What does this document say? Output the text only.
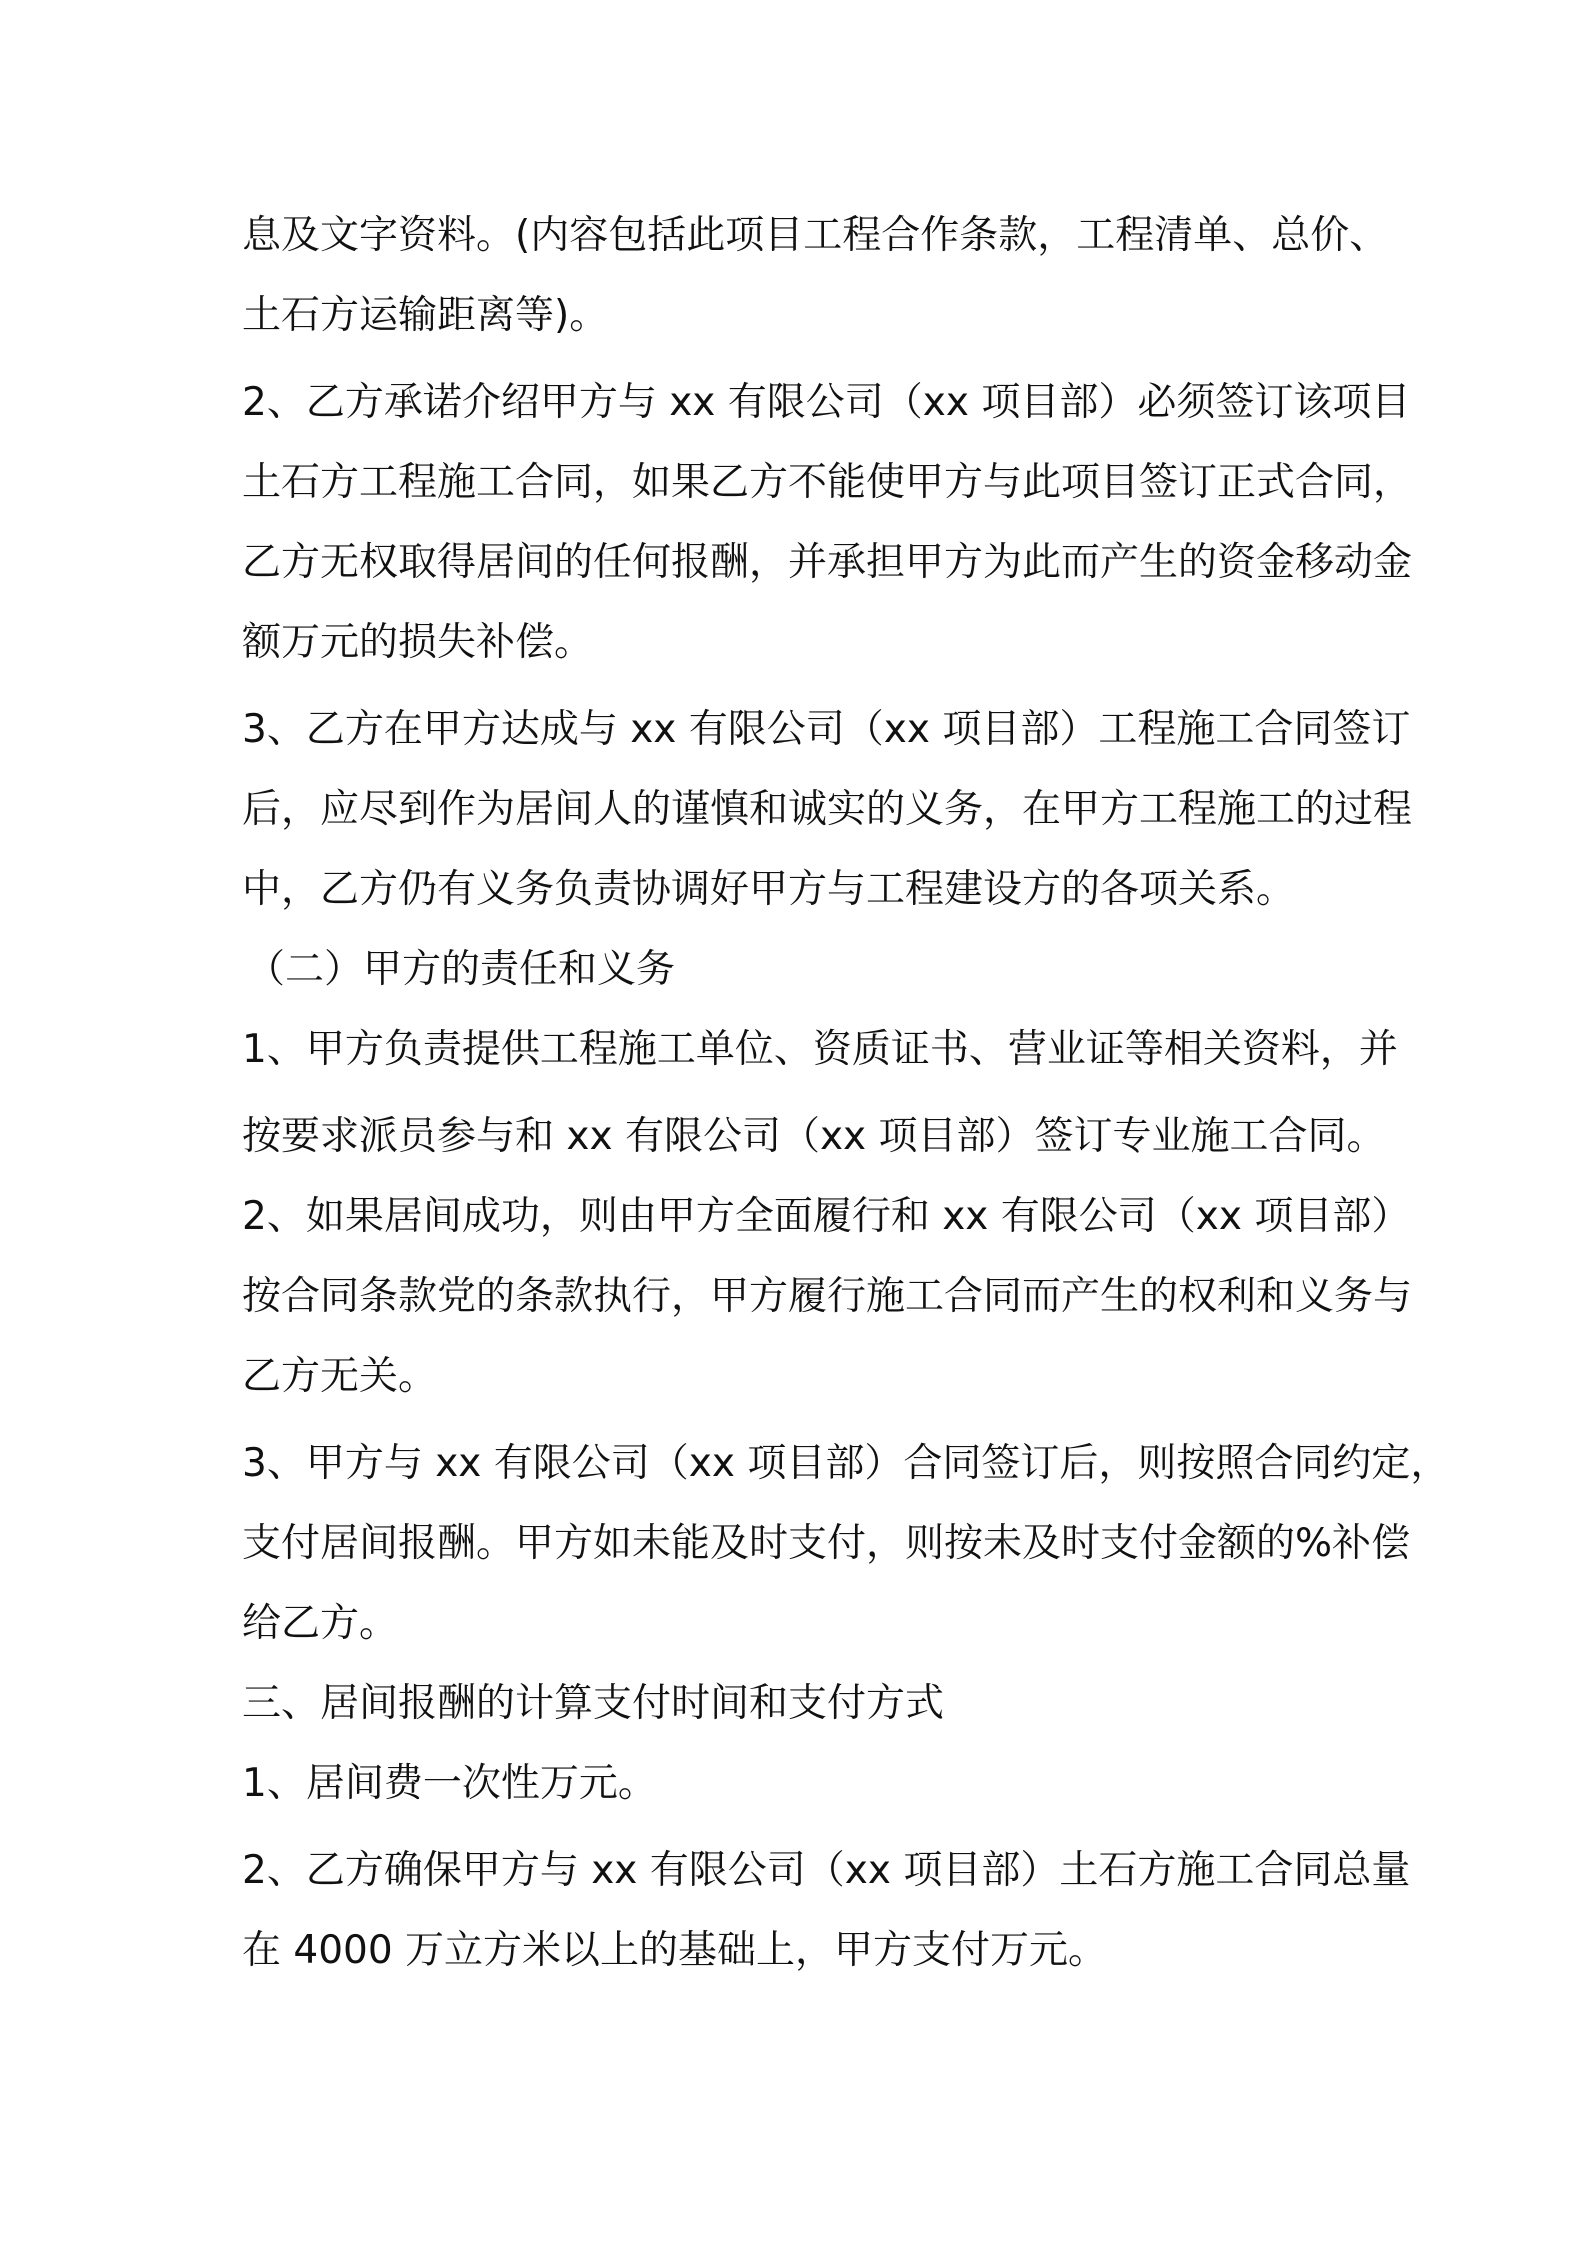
息及文字资料。(内容包括此项目工程合作条款，工程清单、总价、
土石方运输距离等)。
2、乙方承诺介绍甲方与 xx 有限公司（xx 项目部）必须签订该项目
土石方工程施工合同，如果乙方不能使甲方与此项目签订正式合同，
乙方无权取得居间的任何报酬，并承担甲方为此而产生的资金移动金
额万元的损失补偿。
3、乙方在甲方达成与 xx 有限公司（xx 项目部）工程施工合同签订
后，应尽到作为居间人的谨慎和诚实的义务，在甲方工程施工的过程
中，乙方仍有义务负责协调好甲方与工程建设方的各项关系。
（二）甲方的责任和义务
1、甲方负责提供工程施工单位、资质证书、营业证等相关资料，并
按要求派员参与和 xx 有限公司（xx 项目部）签订专业施工合同。
2、如果居间成功，则由甲方全面履行和 xx 有限公司（xx 项目部）
按合同条款党的条款执行，甲方履行施工合同而产生的权利和义务与
乙方无关。
3、甲方与 xx 有限公司（xx 项目部）合同签订后，则按照合同约定，
支付居间报酬。甲方如未能及时支付，则按未及时支付金额的%补偿
给乙方。
三、居间报酬的计算支付时间和支付方式
1、居间费一次性万元。
2、乙方确保甲方与 xx 有限公司（xx 项目部）土石方施工合同总量
在 4000 万立方米以上的基础上，甲方支付万元。
